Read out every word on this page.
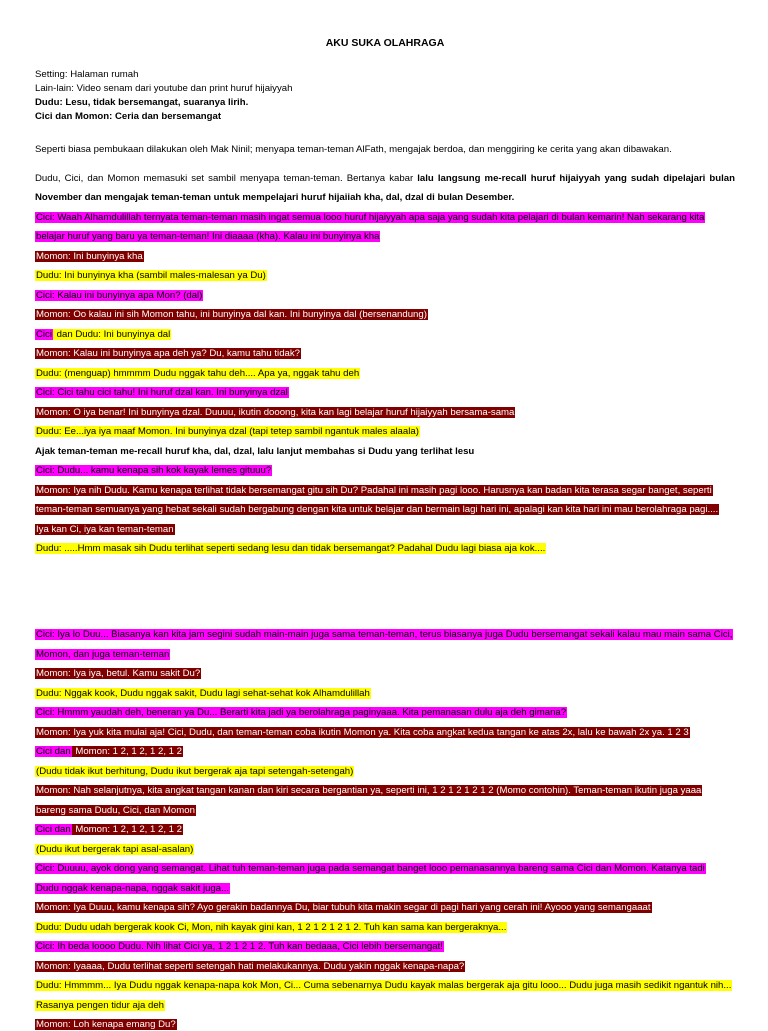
AKU SUKA OLAHRAGA
Setting: Halaman rumah
Lain-lain: Video senam dari youtube dan print huruf hijaiyyah
Dudu: Lesu, tidak bersemangat, suaranya lirih.
Cici dan Momon: Ceria dan bersemangat
Seperti biasa pembukaan dilakukan oleh Mak Ninil; menyapa teman-teman AlFath, mengajak berdoa, dan menggiring ke cerita yang akan dibawakan.
Dudu, Cici, dan Momon memasuki set sambil menyapa teman-teman. Bertanya kabar lalu langsung me-recall huruf hijaiyyah yang sudah dipelajari bulan
November dan mengajak teman-teman untuk mempelajari huruf hijaiiah kha, dal, dzal di bulan Desember.
Cici: Waah Alhamdulillah ternyata teman-teman masih ingat semua looo huruf hijaiyyah apa saja yang sudah kita pelajari di bulan kemarin! Nah sekarang kita
belajar huruf yang baru ya teman-teman! Ini diaaaa (kha). Kalau ini bunyinya kha
Momon: Ini bunyinya kha
Dudu: Ini bunyinya kha (sambil males-malesan ya Du)
Cici: Kalau ini bunyinya apa Mon? (dal)
Momon: Oo kalau ini sih Momon tahu, ini bunyinya dal kan. Ini bunyinya dal (bersenandung)
Cici dan Dudu: Ini bunyinya dal
Momon: Kalau ini bunyinya apa deh ya? Du, kamu tahu tidak?
Dudu: (menguap) hmmmm Dudu nggak tahu deh.... Apa ya, nggak tahu deh
Cici: Cici tahu cici tahu! Ini huruf dzal kan. Ini bunyinya dzal
Momon: O iya benar! Ini bunyinya dzal. Duuuu, ikutin dooong, kita kan lagi belajar huruf hijaiyyah bersama-sama
Dudu: Ee...iya iya maaf Momon. Ini bunyinya dzal (tapi tetep sambil ngantuk males alaala)
Ajak teman-teman me-recall huruf kha, dal, dzal, lalu lanjut membahas si Dudu yang terlihat lesu
Cici: Dudu... kamu kenapa sih kok kayak lemes gituuu?
Momon: Iya nih Dudu. Kamu kenapa terlihat tidak bersemangat gitu sih Du? Padahal ini masih pagi looo. Harusnya kan badan kita terasa segar banget, seperti
teman-teman semuanya yang hebat sekali sudah bergabung dengan kita untuk belajar dan bermain lagi hari ini, apalagi kan kita hari ini mau berolahraga pagi....
Iya kan Ci, iya kan teman-teman
Dudu: .....Hmm masak sih Dudu terlihat seperti sedang lesu dan tidak bersemangat? Padahal Dudu lagi biasa aja kok....
Cici: Iya lo Duu... Biasanya kan kita jam segini sudah main-main juga sama teman-teman, terus biasanya juga Dudu bersemangat sekali kalau mau main sama Cici,
Momon, dan juga teman-teman
Momon: Iya iya, betul. Kamu sakit Du?
Dudu: Nggak kook, Dudu nggak sakit, Dudu lagi sehat-sehat kok Alhamdulillah
Cici: Hmmm yaudah deh, beneran ya Du... Berarti kita jadi ya berolahraga paginyaaa. Kita pemanasan dulu aja deh gimana?
Momon: Iya yuk kita mulai aja! Cici, Dudu, dan teman-teman coba ikutin Momon ya. Kita coba angkat kedua tangan ke atas 2x, lalu ke bawah 2x ya. 1 2 3
Cici dan Momon: 1 2, 1 2, 1 2, 1 2
(Dudu tidak ikut berhitung, Dudu ikut bergerak aja tapi setengah-setengah)
Momon: Nah selanjutnya, kita angkat tangan kanan dan kiri secara bergantian ya, seperti ini, 1 2 1 2 1 2 1 2 (Momo contohin). Teman-teman ikutin juga yaaa
bareng sama Dudu, Cici, dan Momon
Cici dan Momon: 1 2, 1 2, 1 2, 1 2
(Dudu ikut bergerak tapi asal-asalan)
Cici: Duuuu, ayok dong yang semangat. Lihat tuh teman-teman juga pada semangat banget looo pemanasannya bareng sama Cici dan Momon. Katanya tadi
Dudu nggak kenapa-napa, nggak sakit juga...
Momon: Iya Duuu, kamu kenapa sih? Ayo gerakin badannya Du, biar tubuh kita makin segar di pagi hari yang cerah ini! Ayooo yang semangaaat
Dudu: Dudu udah bergerak kook Ci, Mon, nih kayak gini kan, 1 2 1 2 1 2 1 2. Tuh kan sama kan bergeraknya...
Cici: Ih beda loooo Dudu. Nih lihat Cici ya, 1 2 1 2 1 2. Tuh kan bedaaa, Cici lebih bersemangat!
Momon: Iyaaaa, Dudu terlihat seperti setengah hati melakukannya. Dudu yakin nggak kenapa-napa?
Dudu: Hmmmm... Iya Dudu nggak kenapa-napa kok Mon, Ci... Cuma sebenarnya Dudu kayak malas bergerak aja gitu looo... Dudu juga masih sedikit ngantuk nih...
Rasanya pengen tidur aja deh
Momon: Loh kenapa emang Du?
